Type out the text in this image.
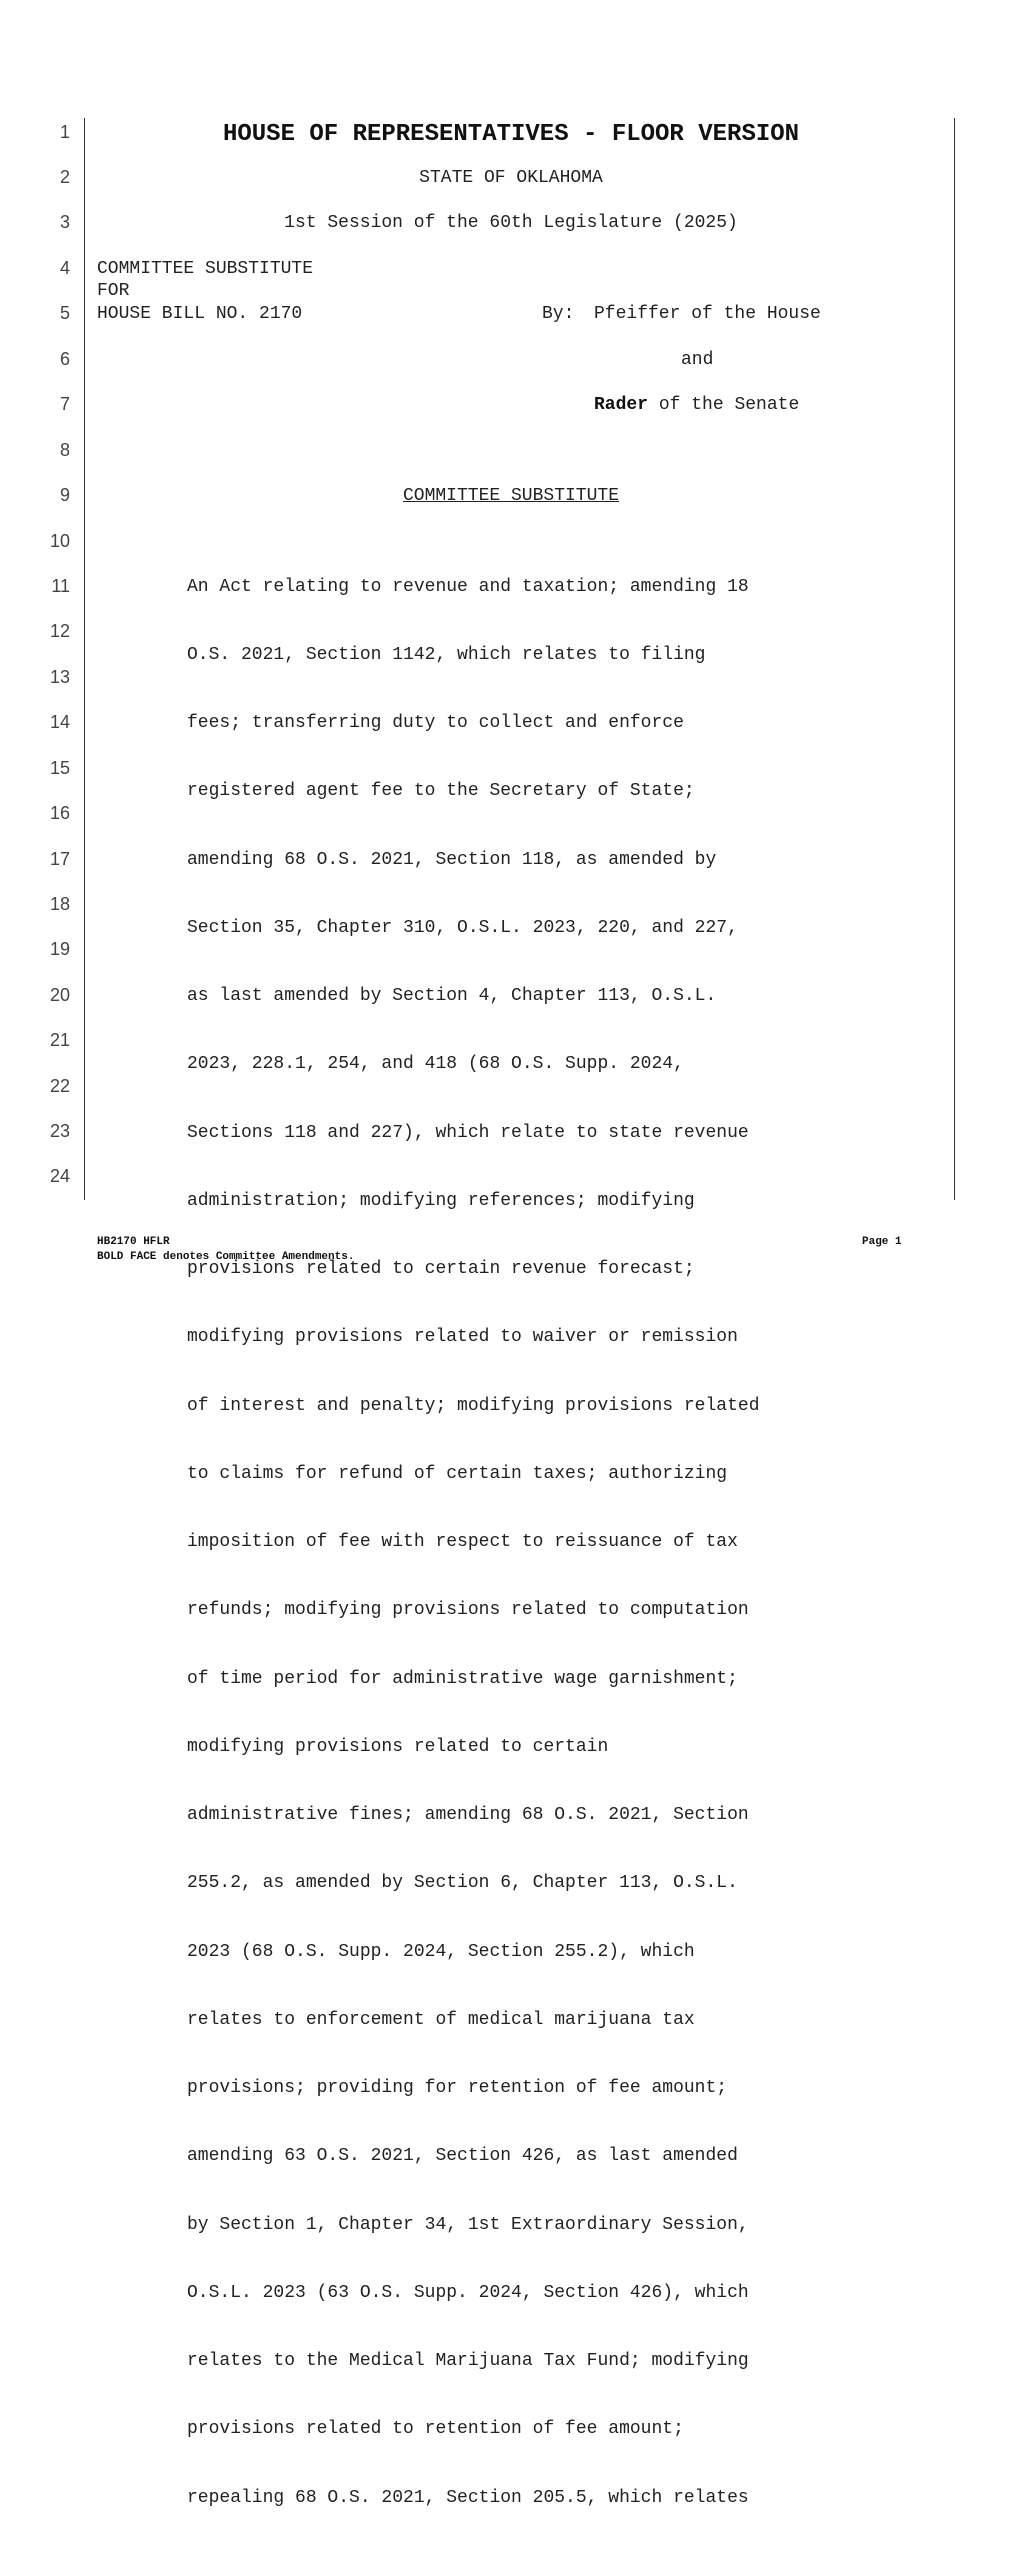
1
2
3
4
5
6
7
8
9
10
11
12
13
14
15
16
17
18
19
20
21
22
23
24
HOUSE OF REPRESENTATIVES - FLOOR VERSION
STATE OF OKLAHOMA
1st Session of the 60th Legislature (2025)
COMMITTEE SUBSTITUTE
FOR
HOUSE BILL NO. 2170	By: Pfeiffer of the House
and
Rader of the Senate
COMMITTEE SUBSTITUTE

An Act relating to revenue and taxation; amending 18

O.S. 2021, Section 1142, which relates to filing

fees; transferring duty to collect and enforce

registered agent fee to the Secretary of State;

amending 68 O.S. 2021, Section 118, as amended by

Section 35, Chapter 310, O.S.L. 2023, 220, and 227,

as last amended by Section 4, Chapter 113, O.S.L.

2023, 228.1, 254, and 418 (68 O.S. Supp. 2024,

Sections 118 and 227), which relate to state revenue

administration; modifying references; modifying

provisions related to certain revenue forecast;

modifying provisions related to waiver or remission

of interest and penalty; modifying provisions related

to claims for refund of certain taxes; authorizing

imposition of fee with respect to reissuance of tax

refunds; modifying provisions related to computation

of time period for administrative wage garnishment;

modifying provisions related to certain

administrative fines; amending 68 O.S. 2021, Section

255.2, as amended by Section 6, Chapter 113, O.S.L.

2023 (68 O.S. Supp. 2024, Section 255.2), which

relates to enforcement of medical marijuana tax

provisions; providing for retention of fee amount;

amending 63 O.S. 2021, Section 426, as last amended

by Section 1, Chapter 34, 1st Extraordinary Session,

O.S.L. 2023 (63 O.S. Supp. 2024, Section 426), which

relates to the Medical Marijuana Tax Fund; modifying

provisions related to retention of fee amount;

repealing 68 O.S. 2021, Section 205.5, which relates

HB2170 HFLR
BOLD FACE denotes Committee Amendments.
Page 1
